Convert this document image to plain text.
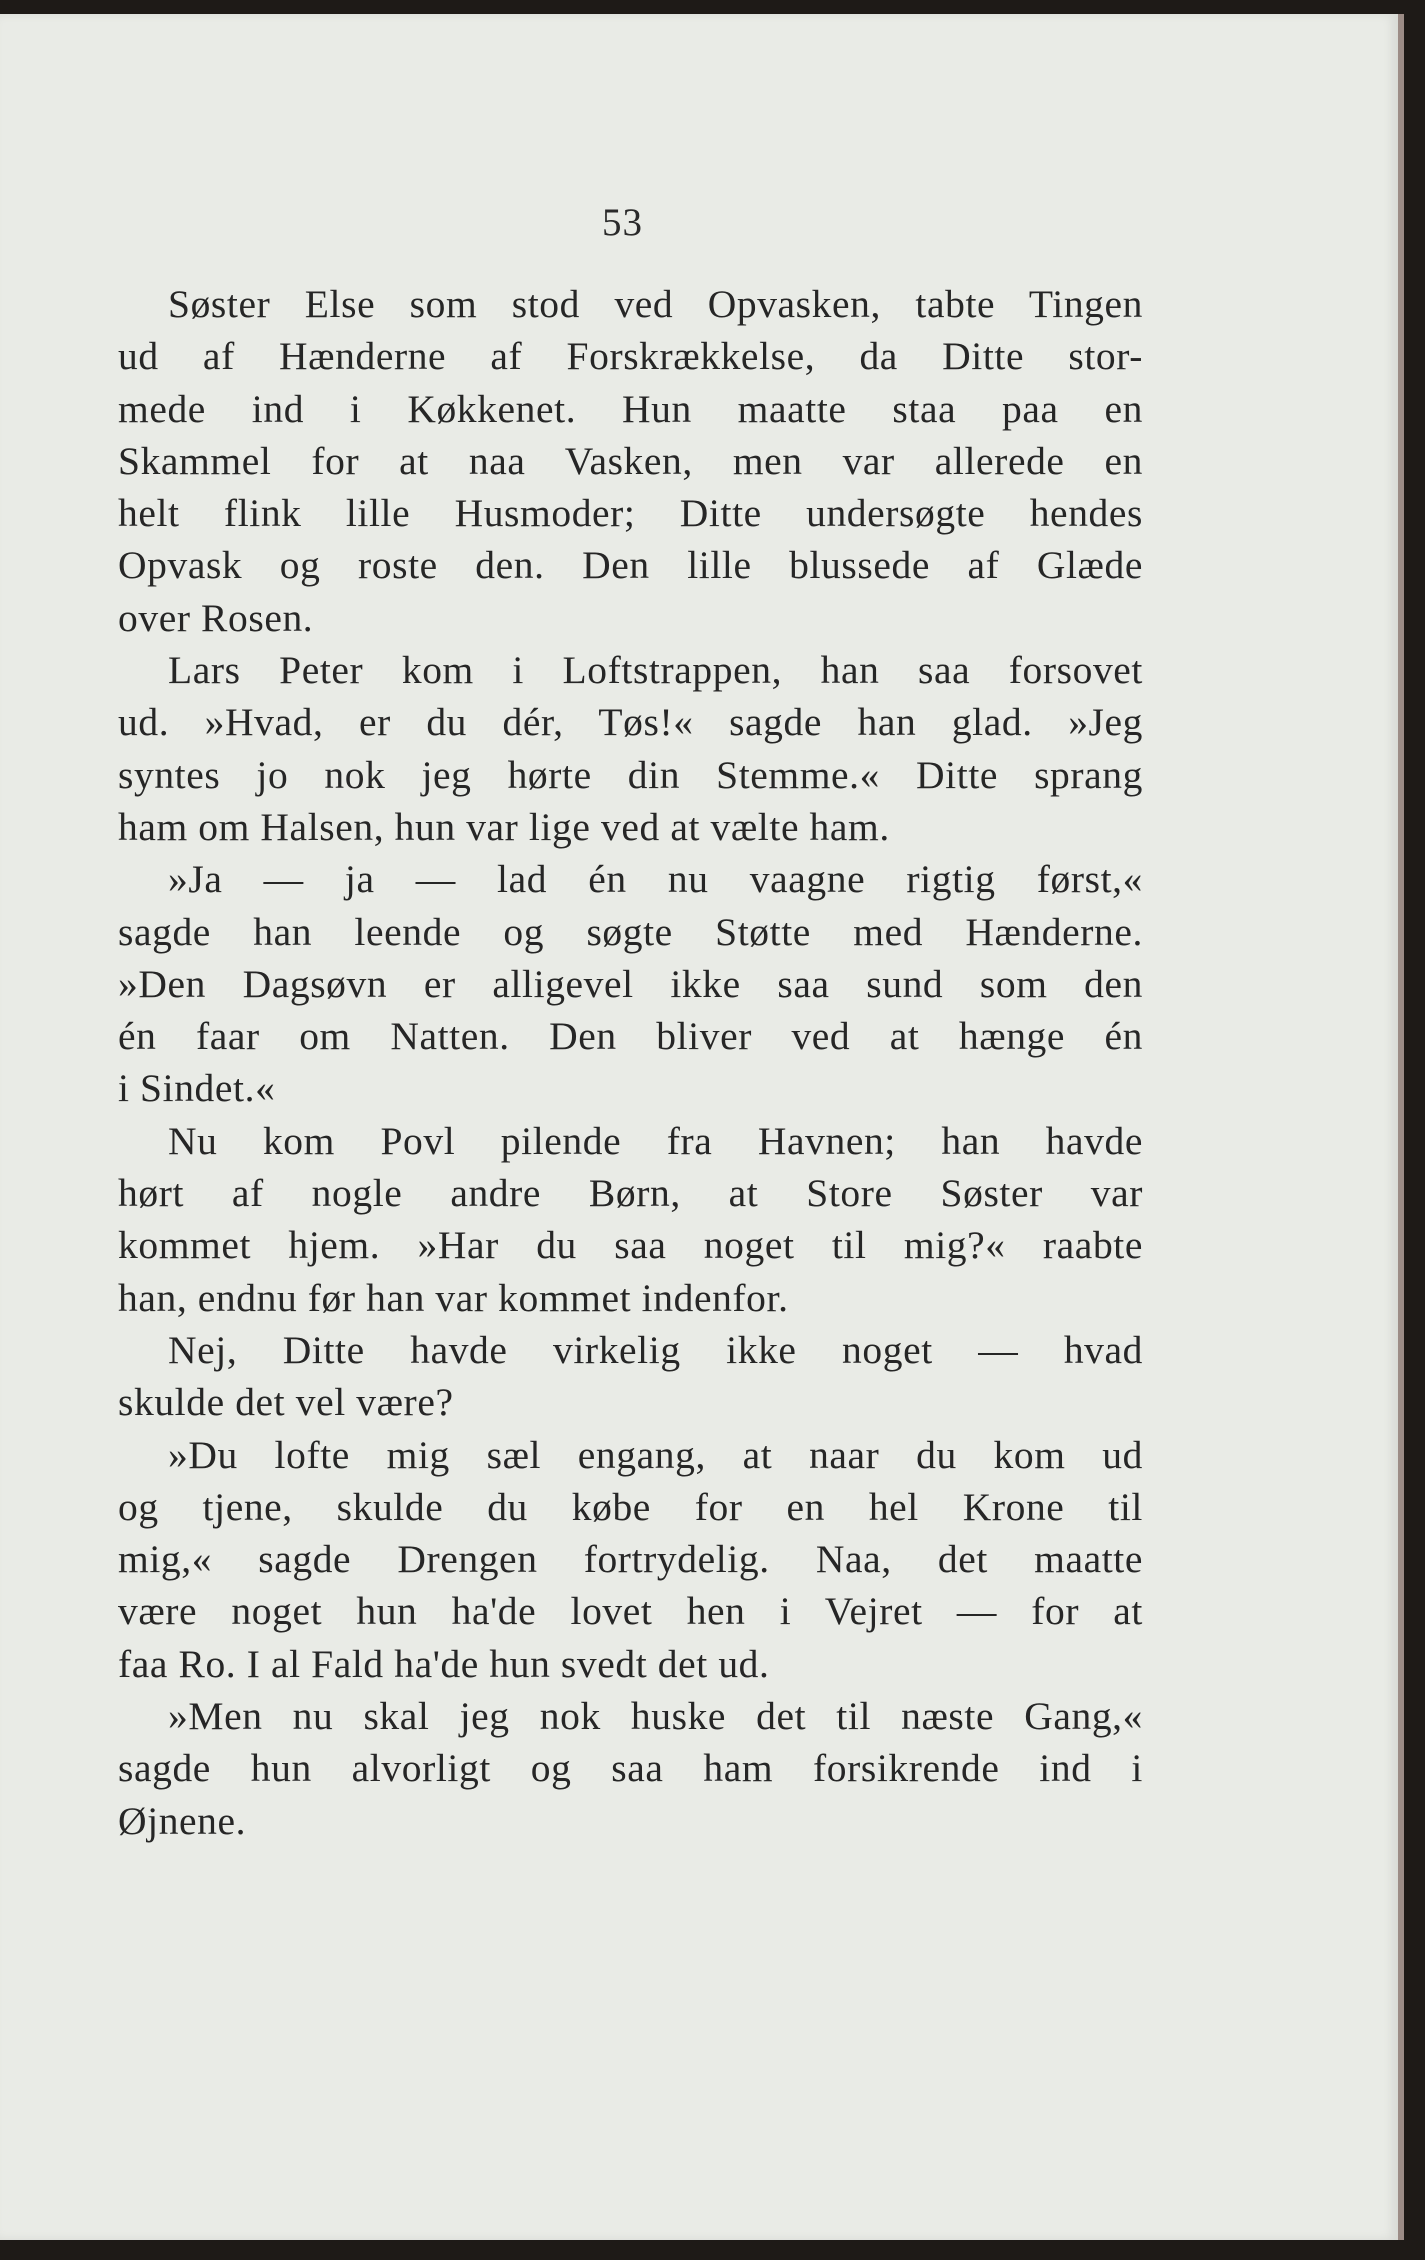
53
Søster Else som stod ved Opvasken, tabte Tingen
ud af Hænderne af Forskrækkelse, da Ditte stor-
mede ind i Køkkenet. Hun maatte staa paa en
Skammel for at naa Vasken, men var allerede en
helt flink lille Husmoder; Ditte undersøgte hendes
Opvask og roste den. Den lille blussede af Glæde
over Rosen.
Lars Peter kom i Loftstrappen, han saa forsovet
ud. »Hvad, er du dér, Tøs!« sagde han glad. »Jeg
syntes jo nok jeg hørte din Stemme.« Ditte sprang
ham om Halsen, hun var lige ved at vælte ham.
»Ja — ja — lad én nu vaagne rigtig først,«
sagde han leende og søgte Støtte med Hænderne.
»Den Dagsøvn er alligevel ikke saa sund som den
én faar om Natten. Den bliver ved at hænge én
i Sindet.«
Nu kom Povl pilende fra Havnen; han havde
hørt af nogle andre Børn, at Store Søster var
kommet hjem. »Har du saa noget til mig?« raabte
han, endnu før han var kommet indenfor.
Nej, Ditte havde virkelig ikke noget — hvad
skulde det vel være?
»Du lofte mig sæl engang, at naar du kom ud
og tjene, skulde du købe for en hel Krone til
mig,« sagde Drengen fortrydelig. Naa, det maatte
være noget hun ha'de lovet hen i Vejret — for at
faa Ro. I al Fald ha'de hun svedt det ud.
»Men nu skal jeg nok huske det til næste Gang,«
sagde hun alvorligt og saa ham forsikrende ind i
Øjnene.
